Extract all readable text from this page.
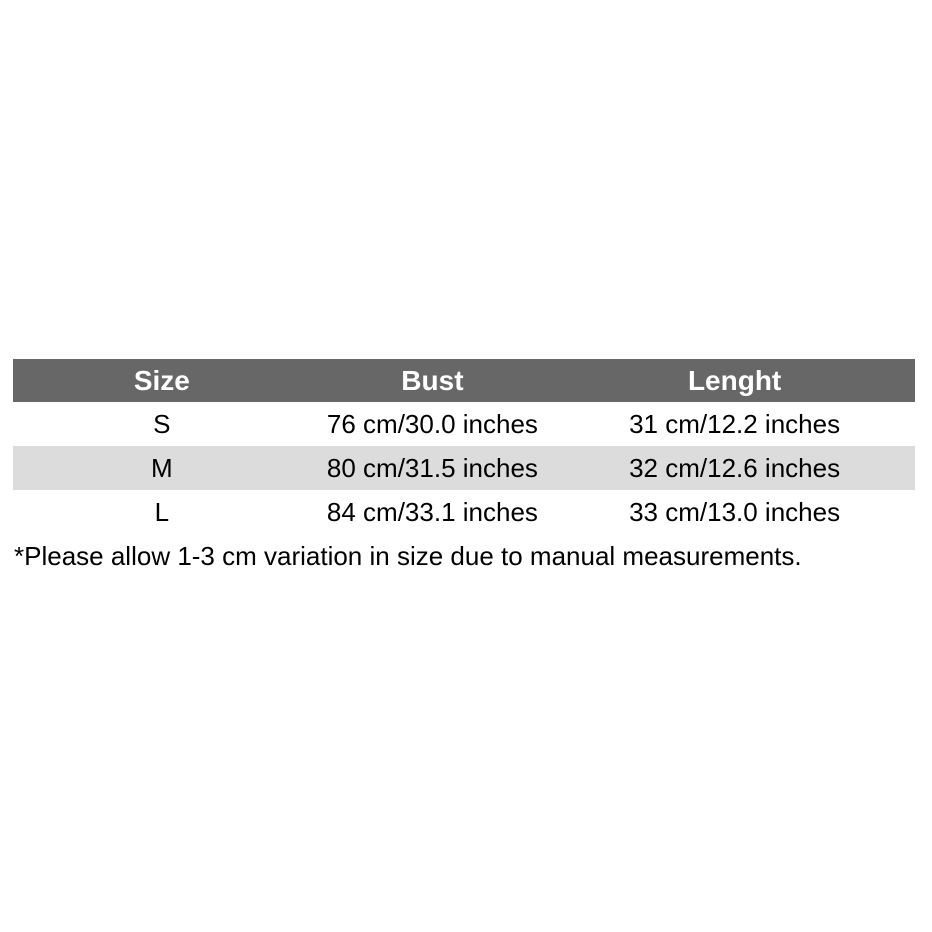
Size	Bust	Lenght
S	76 cm/30.0 inches	31 cm/12.2 inches
M	80 cm/31.5 inches	32 cm/12.6 inches
L	84 cm/33.1 inches	33 cm/13.0 inches

*Please allow 1-3 cm variation in size due to manual measurements.
